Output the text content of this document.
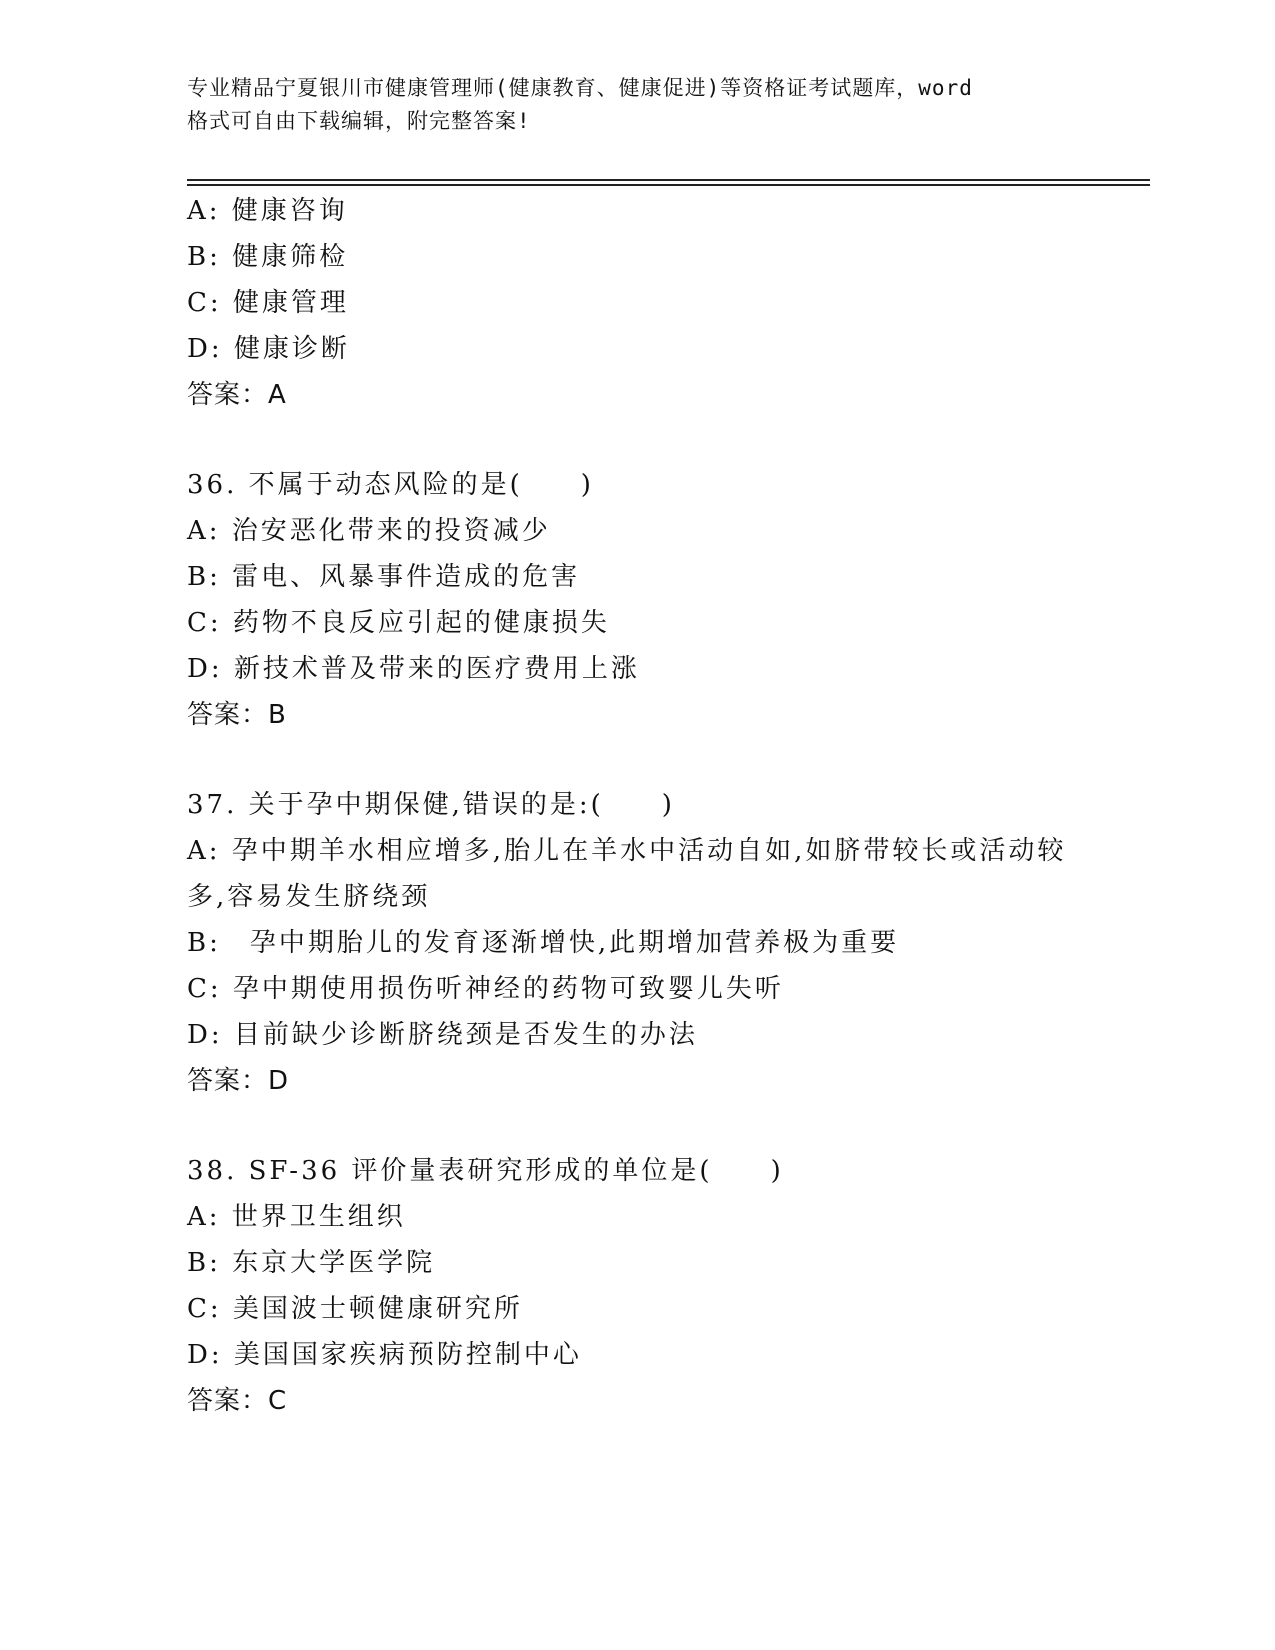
专业精品宁夏银川市健康管理师(健康教育、健康促进)等资格证考试题库，word
格式可自由下载编辑，附完整答案!
A: 健康咨询
B: 健康筛检
C: 健康管理
D: 健康诊断
答案：A
36. 不属于动态风险的是(　　)
A: 治安恶化带来的投资减少
B: 雷电、风暴事件造成的危害
C: 药物不良反应引起的健康损失
D: 新技术普及带来的医疗费用上涨
答案：B
37. 关于孕中期保健,错误的是:(　　)
A: 孕中期羊水相应增多,胎儿在羊水中活动自如,如脐带较长或活动较
多,容易发生脐绕颈
B:　孕中期胎儿的发育逐渐增快,此期增加营养极为重要
C: 孕中期使用损伤听神经的药物可致婴儿失听
D: 目前缺少诊断脐绕颈是否发生的办法
答案：D
38. SF-36 评价量表研究形成的单位是(　　)
A: 世界卫生组织
B: 东京大学医学院
C: 美国波士顿健康研究所
D: 美国国家疾病预防控制中心
答案：C
